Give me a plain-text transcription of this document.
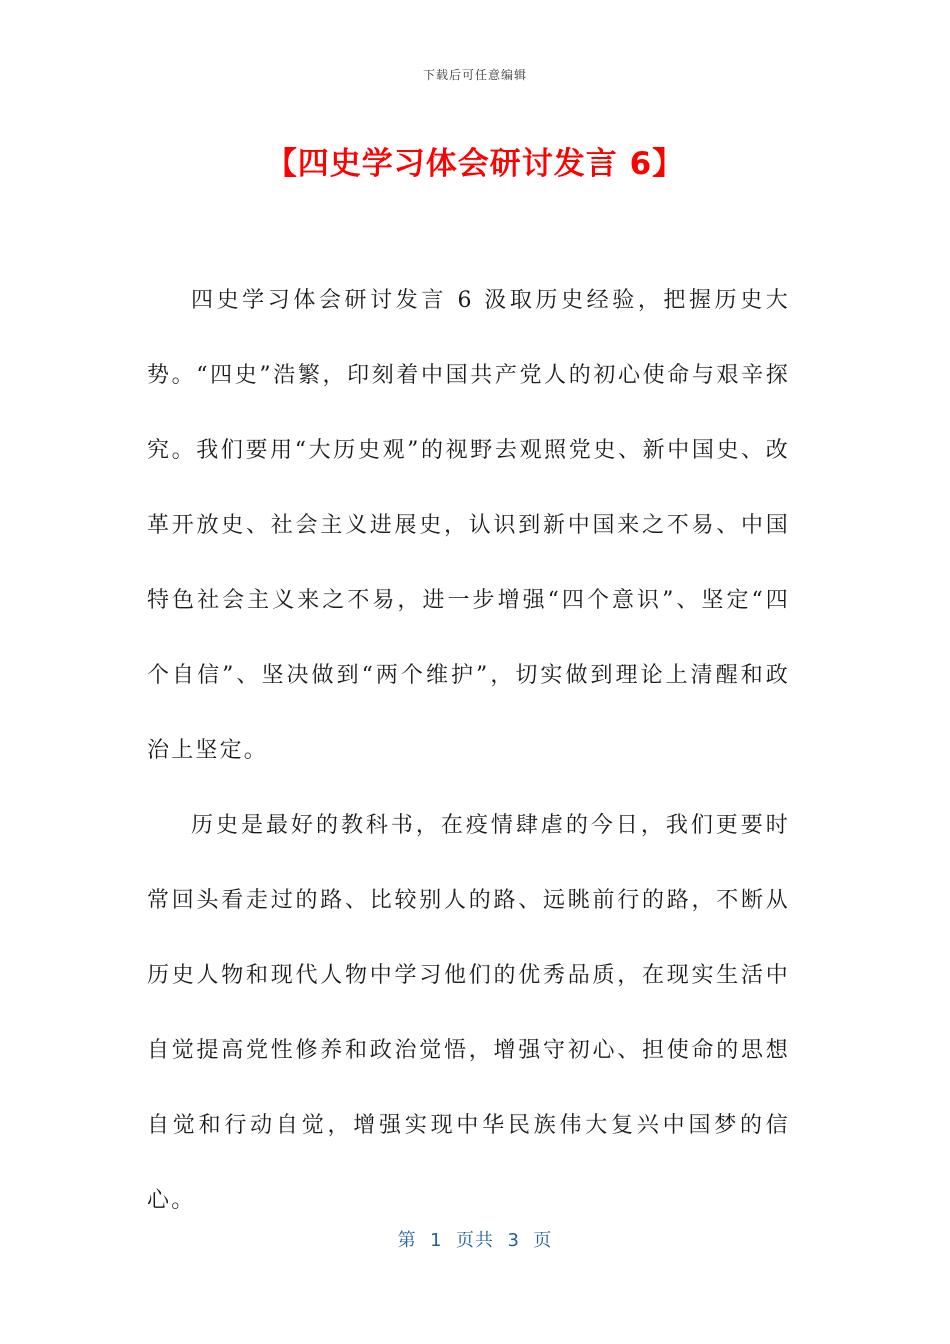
下载后可任意编辑
【四史学习体会研讨发言 6】

四史学习体会研讨发言 6 汲取历史经验，把握历史大势。“四史”浩繁，印刻着中国共产党人的初心使命与艰辛探究。我们要用“大历史观”的视野去观照党史、新中国史、改革开放史、社会主义进展史，认识到新中国来之不易、中国特色社会主义来之不易，进一步增强“四个意识”、坚定“四个自信”、坚决做到“两个维护”，切实做到理论上清醒和政治上坚定。

历史是最好的教科书，在疫情肆虐的今日，我们更要时常回头看走过的路、比较别人的路、远眺前行的路，不断从历史人物和现代人物中学习他们的优秀品质，在现实生活中自觉提高党性修养和政治觉悟，增强守初心、担使命的思想自觉和行动自觉，增强实现中华民族伟大复兴中国梦的信心。

第  1  页共  3  页
